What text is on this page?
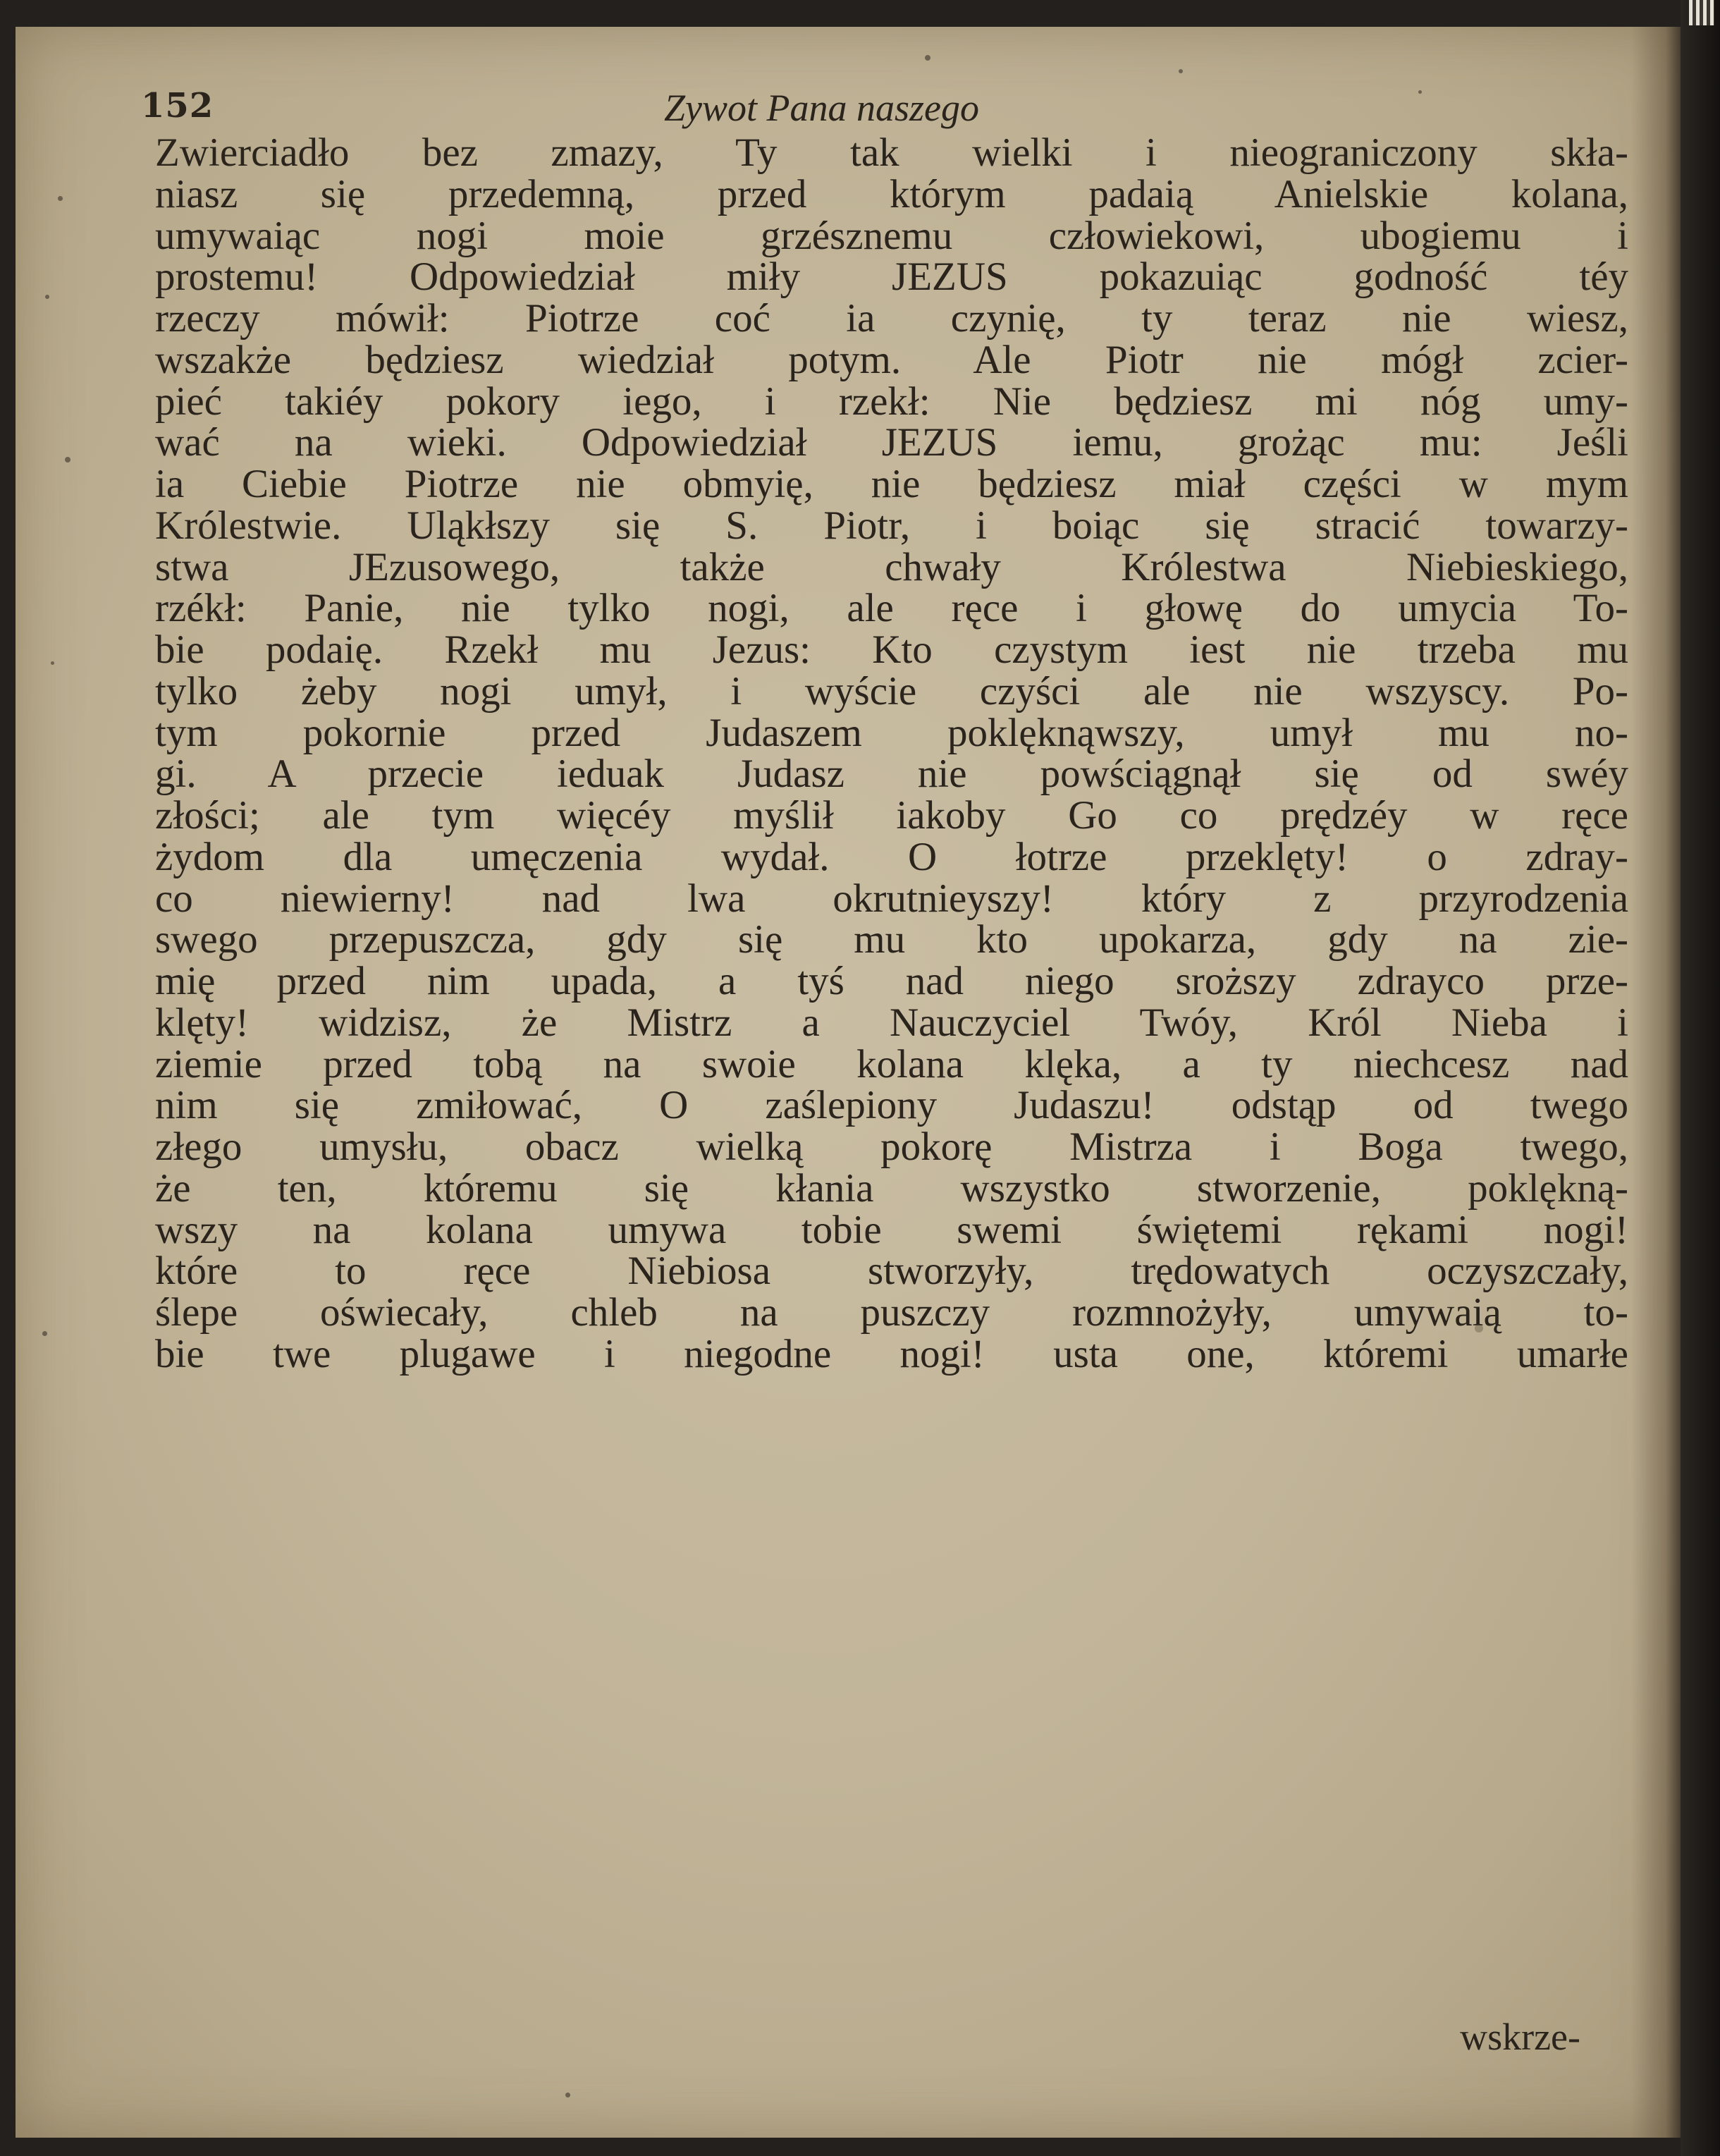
152	Zywot Pana naszego
Zwierciadło bez zmazy, Ty tak wielki i nieograniczony skła-
niasz się przedemną, przed którym padaią Anielskie kolana,
umywaiąc nogi moie grzésznemu człowiekowi, ubogiemu i
prostemu! Odpowiedział miły JEZUS pokazuiąc godność téy
rzeczy mówił: Piotrze coć ia czynię, ty teraz nie wiesz,
wszakże będziesz wiedział potym. Ale Piotr nie mógł zcier-
pieć takiéy pokory iego, i rzekł: Nie będziesz mi nóg umy-
wać na wieki. Odpowiedział JEZUS iemu, grożąc mu: Jeśli
ia Ciebie Piotrze nie obmyię, nie będziesz miał części w mym
Królestwie. Uląkłszy się S. Piotr, i boiąc się stracić towarzy-
stwa JEzusowego, także chwały Królestwa Niebieskiego,
rzékł: Panie, nie tylko nogi, ale ręce i głowę do umycia To-
bie podaię. Rzekł mu Jezus: Kto czystym iest nie trzeba mu
tylko żeby nogi umył, i wyście czyści ale nie wszyscy. Po-
tym pokornie przed Judaszem poklęknąwszy, umył mu no-
gi. A przecie ieduak Judasz nie powściągnął się od swéy
złości; ale tym więcéy myślił iakoby Go co prędzéy w ręce
żydom dla umęczenia wydał. O łotrze przeklęty! o zdray-
co niewierny! nad lwa okrutnieyszy! który z przyrodzenia
swego przepuszcza, gdy się mu kto upokarza, gdy na zie-
mię przed nim upada, a tyś nad niego sroższy zdrayco prze-
klęty! widzisz, że Mistrz a Nauczyciel Twóy, Król Nieba i
ziemie przed tobą na swoie kolana klęka, a ty niechcesz nad
nim się zmiłować, O zaślepiony Judaszu! odstąp od twego
złego umysłu, obacz wielką pokorę Mistrza i Boga twego,
że ten, któremu się kłania wszystko stworzenie, poklękną-
wszy na kolana umywa tobie swemi świętemi rękami nogi!
które to ręce Niebiosa stworzyły, trędowatych oczyszczały,
ślepe oświecały, chleb na puszczy rozmnożyły, umywaią to-
bie twe plugawe i niegodne nogi! usta one, któremi umarłe
wskrze-
